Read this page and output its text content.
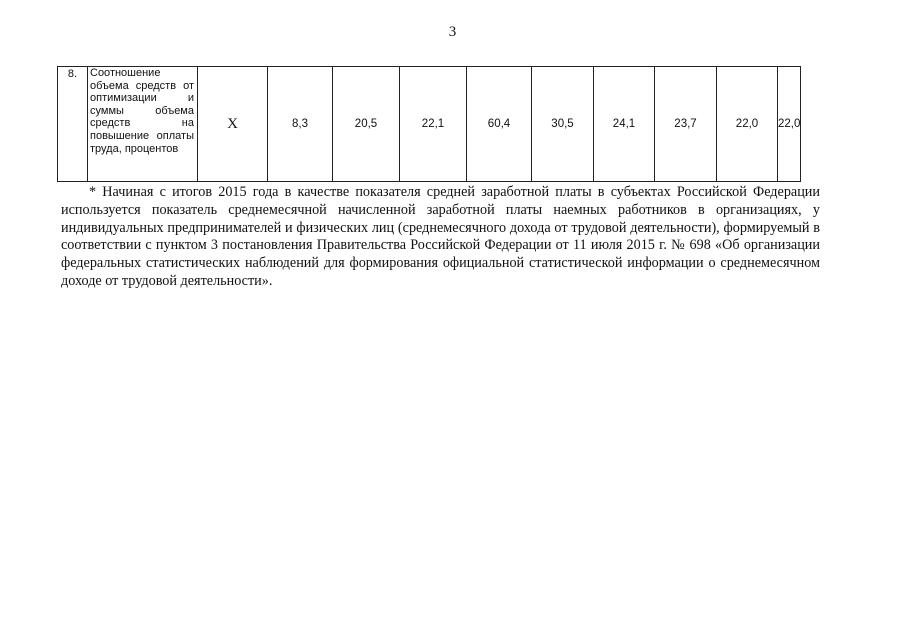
3
8.	Соотношение объема средств от оптимизации и суммы объема средств на повышение оплаты труда, процентов	Х	8,3	20,5	22,1	60,4	30,5	24,1	23,7	22,0	22,0

* Начиная с итогов 2015 года в качестве показателя средней заработной платы в субъектах Российской Федерации используется показатель среднемесячной начисленной заработной платы наемных работников в организациях, у индивидуальных предпринимателей и физических лиц (среднемесячного дохода от трудовой деятельности), формируемый в соответствии с пунктом 3 постановления Правительства Российской Федерации от 11 июля 2015 г. № 698 «Об организации федеральных статистических наблюдений для формирования официальной статистической информации о среднемесячном доходе от трудовой деятельности».
